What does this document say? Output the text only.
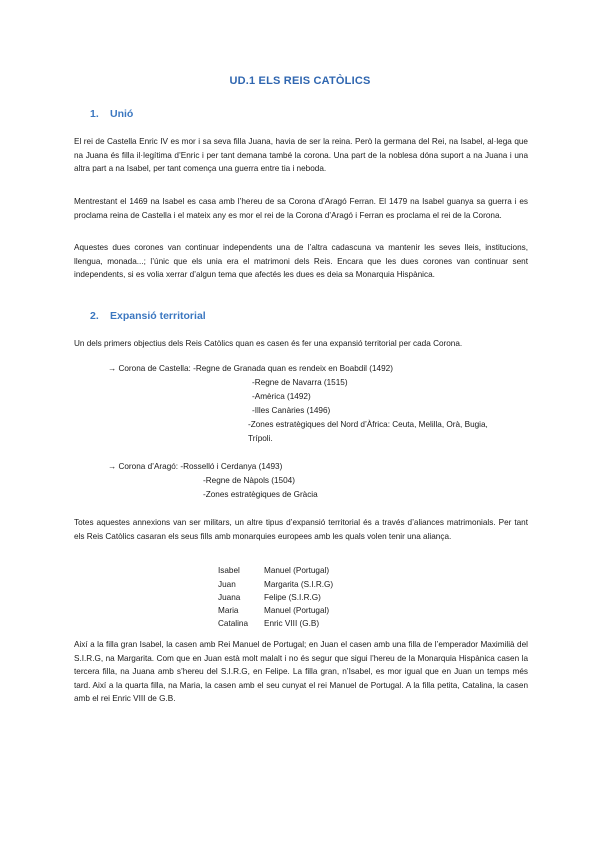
UD.1 ELS REIS CATÒLICS
1. Unió

El rei de Castella Enric IV es mor i sa seva filla Juana, havia de ser la reina. Però la germana del Rei, na Isabel, al·lega que na Juana és filla il·legítima d’Enric i per tant demana també la corona. Una part de la noblesa dóna suport a na Juana i una altra part a na Isabel, per tant comença una guerra entre tia i neboda.

Mentrestant el 1469 na Isabel es casa amb l’hereu de sa Corona d’Aragó Ferran. El 1479 na Isabel guanya sa guerra i es proclama reina de Castella i el mateix any es mor el rei de la Corona d’Aragó i Ferran es proclama el rei de la Corona.

Aquestes dues corones van continuar independents una de l’altra cadascuna va mantenir les seves lleis, institucions, llengua, monada...; l’únic que els unia era el matrimoni dels Reis. Encara que les dues corones van continuar sent independents, si es volia xerrar d’algun tema que afectés les dues es deia sa Monarquia Hispànica.

2. Expansió territorial

Un dels primers objectius dels Reis Catòlics quan es casen és fer una expansió territorial per cada Corona.

→ Corona de Castella: -Regne de Granada quan es rendeix en Boabdil (1492)
-Regne de Navarra (1515)
-Amèrica (1492)
-Illes Canàries (1496)
-Zones estratègiques del Nord d’Àfrica: Ceuta, Melilla, Orà, Bugia,
Trípoli.
→ Corona d’Aragó: -Rosselló i Cerdanya (1493)
-Regne de Nàpols (1504)
-Zones estratègiques de Gràcia

Totes aquestes annexions van ser militars, un altre tipus d’expansió territorial és a través d’aliances matrimonials. Per tant els Reis Catòlics casaran els seus fills amb monarquies europees amb les quals volen tenir una aliança.

Isabel	Manuel (Portugal)
Juan	Margarita (S.I.R.G)
Juana	Felipe (S.I.R.G)
Maria	Manuel (Portugal)
Catalina Enric VIII (G.B)

Així a la filla gran Isabel, la casen amb Rei Manuel de Portugal; en Juan el casen amb una filla de l’emperador Maximilià del S.I.R.G, na Margarita. Com que en Juan està molt malalt i no és segur que sigui l’hereu de la Monarquia Hispànica casen la tercera filla, na Juana amb s’hereu del S.I.R.G, en Felipe. La filla gran, n’Isabel, es mor igual que en Juan un temps més tard. Així a la quarta filla, na Maria, la casen amb el seu cunyat el rei Manuel de Portugal. A la filla petita, Catalina, la casen amb el rei Enric VIII de G.B.
